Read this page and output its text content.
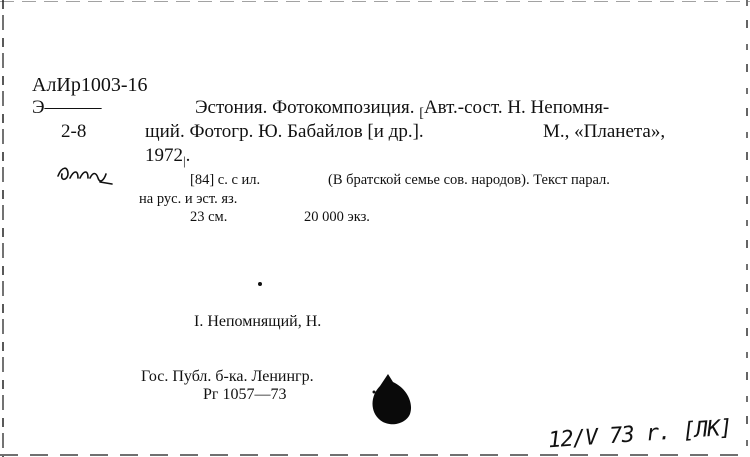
АлИр1003-16
Э———
2-8
Эстония. Фотокомпозиция. $_[$Авт.-сост. Н. Непомня-
щий. Фотогр. Ю. Бабайлов [и др.].	М., «Планета»,
$1972_|$.
[84] с. с ил.	(В братской семье сов. народов). Текст парал.
на рус. и эст. яз.
23 см.	20 000 экз.
I. Непомнящий, Н.
Гос. Публ. б-ка. Ленингр.
Рг 1057—73
12/V 73 r. [ЛК]
